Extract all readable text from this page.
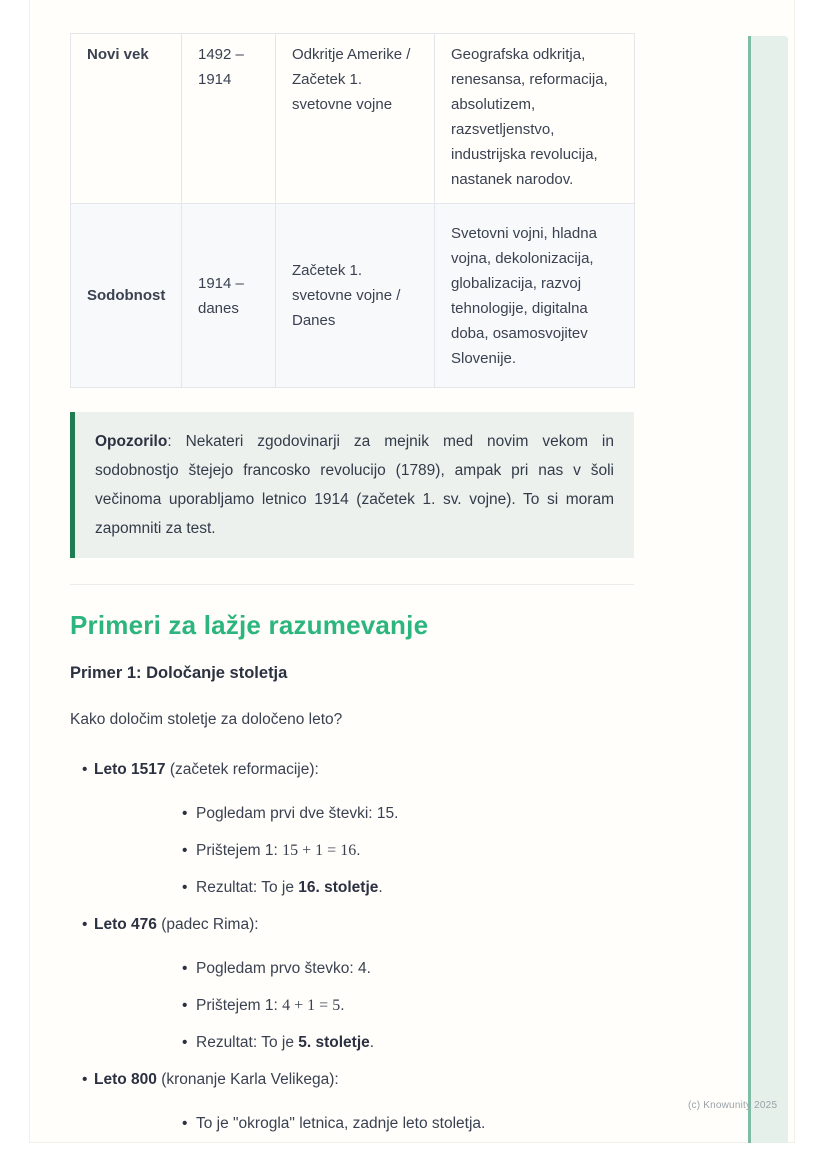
Novi vek	1492 – 1914	Odkritje Amerike / Začetek 1. svetovne vojne	Geografska odkritja, renesansa, reformacija, absolutizem, razsvetljenstvo, industrijska revolucija, nastanek narodov.
Sodobnost	1914 – danes	Začetek 1. svetovne vojne / Danes	Svetovni vojni, hladna vojna, dekolonizacija, globalizacija, razvoj tehnologije, digitalna doba, osamosvojitev Slovenije.
Opozorilo: Nekateri zgodovinarji za mejnik med novim vekom in sodobnostjo štejejo francosko revolucijo (1789), ampak pri nas v šoli večinoma uporabljamo letnico 1914 (začetek 1. sv. vojne). To si moram zapomniti za test.
Primeri za lažje razumevanje
Primer 1: Določanje stoletja

Kako določim stoletje za določeno leto?

• Leto 1517 (začetek reformacije):
• Pogledam prvi dve števki: 15.
• Prištejem 1: 15 + 1 = 16.
• Rezultat: To je 16. stoletje.
• Leto 476 (padec Rima):
• Pogledam prvo števko: 4.
• Prištejem 1: 4 + 1 = 5.
• Rezultat: To je 5. stoletje.
• Leto 800 (kronanje Karla Velikega):
• To je "okrogla" letnica, zadnje leto stoletja.
(c) Knowunity 2025
